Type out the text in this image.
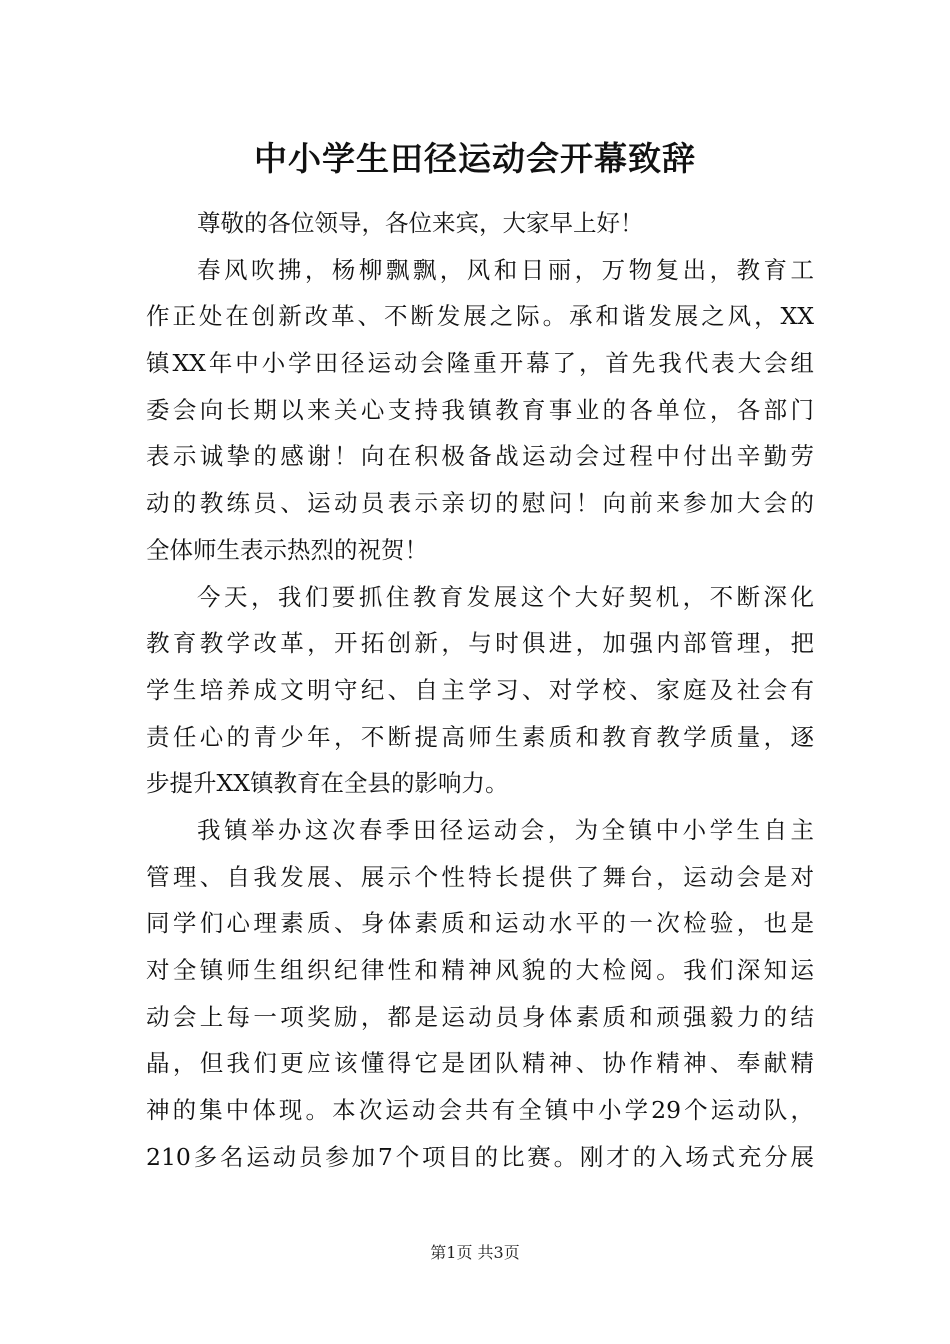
中小学生田径运动会开幕致辞
尊敬的各位领导，各位来宾，大家早上好！
春风吹拂，杨柳飘飘，风和日丽，万物复出，教育工
作正处在创新改革、不断发展之际。承和谐发展之风，XX
镇XX年中小学田径运动会隆重开幕了，首先我代表大会组
委会向长期以来关心支持我镇教育事业的各单位，各部门
表示诚挚的感谢！向在积极备战运动会过程中付出辛勤劳
动的教练员、运动员表示亲切的慰问！向前来参加大会的
全体师生表示热烈的祝贺！
今天，我们要抓住教育发展这个大好契机，不断深化
教育教学改革，开拓创新，与时俱进，加强内部管理，把
学生培养成文明守纪、自主学习、对学校、家庭及社会有
责任心的青少年，不断提高师生素质和教育教学质量，逐
步提升XX镇教育在全县的影响力。
我镇举办这次春季田径运动会，为全镇中小学生自主
管理、自我发展、展示个性特长提供了舞台，运动会是对
同学们心理素质、身体素质和运动水平的一次检验，也是
对全镇师生组织纪律性和精神风貌的大检阅。我们深知运
动会上每一项奖励，都是运动员身体素质和顽强毅力的结
晶，但我们更应该懂得它是团队精神、协作精神、奉献精
神的集中体现。本次运动会共有全镇中小学29个运动队，
210多名运动员参加7个项目的比赛。刚才的入场式充分展
第1页 共3页
